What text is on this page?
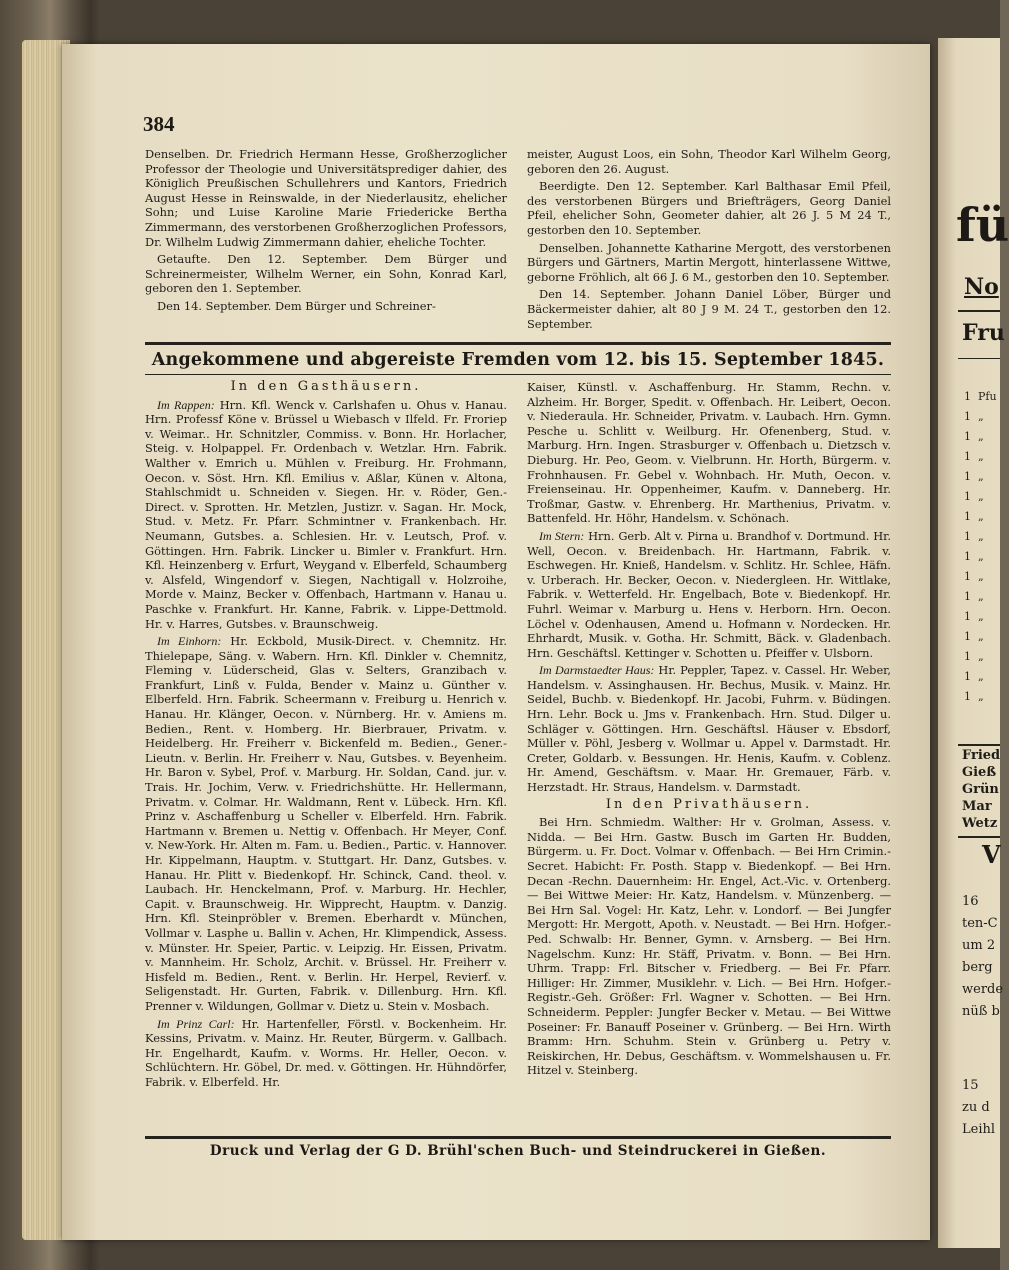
384

Denselben. Dr. Friedrich Hermann Hesse, Großherzoglicher Professor der Theologie und Universitätsprediger dahier, des Königlich Preußischen Schullehrers und Kantors, Friedrich August Hesse in Reinswalde, in der Niederlausitz, ehelicher Sohn; und Luise Karoline Marie Friedericke Bertha Zimmermann, des verstorbenen Großherzoglichen Professors, Dr. Wilhelm Ludwig Zimmermann dahier, eheliche Tochter.

Getaufte. Den 12. September. Dem Bürger und Schreinermeister, Wilhelm Werner, ein Sohn, Konrad Karl, geboren den 1. September.

Den 14. September. Dem Bürger und Schreiner-

meister, August Loos, ein Sohn, Theodor Karl Wilhelm Georg, geboren den 26. August.

Beerdigte. Den 12. September. Karl Balthasar Emil Pfeil, des verstorbenen Bürgers und Briefträgers, Georg Daniel Pfeil, ehelicher Sohn, Geometer dahier, alt 26 J. 5 M 24 T., gestorben den 10. September.

Denselben. Johannette Katharine Mergott, des verstorbenen Bürgers und Gärtners, Martin Mergott, hinterlassene Wittwe, geborne Fröhlich, alt 66 J. 6 M., gestorben den 10. September.

Den 14. September. Johann Daniel Löber, Bürger und Bäckermeister dahier, alt 80 J 9 M. 24 T., gestorben den 12. September.

Angekommene und abgereiste Fremden vom 12. bis 15. September 1845.

In den Gasthäusern.

Im Rappen: Hrn. Kfl. Wenck v. Carlshafen u. Ohus v. Hanau. Hrn. Professf Köne v. Brüssel u Wiebasch v Ilfeld. Fr. Froriep v. Weimar.. Hr. Schnitzler, Commiss. v. Bonn. Hr. Horlacher, Steig. v. Holpappel. Fr. Ordenbach v. Wetzlar. Hrn. Fabrik. Walther v. Emrich u. Mühlen v. Freiburg. Hr. Frohmann, Oecon. v. Söst. Hrn. Kfl. Emilius v. Aßlar, Künen v. Altona, Stahlschmidt u. Schneiden v. Siegen. Hr. v. Röder, Gen.-Direct. v. Sprotten. Hr. Metzlen, Justizr. v. Sagan. Hr. Mock, Stud. v. Metz. Fr. Pfarr. Schmintner v. Frankenbach. Hr. Neumann, Gutsbes. a. Schlesien. Hr. v. Leutsch, Prof. v. Göttingen. Hrn. Fabrik. Lincker u. Bimler v. Frankfurt. Hrn. Kfl. Heinzenberg v. Erfurt, Weygand v. Elberfeld, Schaumberg v. Alsfeld, Wingendorf v. Siegen, Nachtigall v. Holzroihe, Morde v. Mainz, Becker v. Offenbach, Hartmann v. Hanau u. Paschke v. Frankfurt. Hr. Kanne, Fabrik. v. Lippe-Dettmold. Hr. v. Harres, Gutsbes. v. Braunschweig.

Im Einhorn: Hr. Eckbold, Musik-Direct. v. Chemnitz. Hr. Thielepape, Säng. v. Wabern. Hrn. Kfl. Dinkler v. Chemnitz, Fleming v. Lüderscheid, Glas v. Selters, Granzibach v. Frankfurt, Linß v. Fulda, Bender v. Mainz u. Günther v. Elberfeld. Hrn. Fabrik. Scheermann v. Freiburg u. Henrich v. Hanau. Hr. Klänger, Oecon. v. Nürnberg. Hr. v. Amiens m. Bedien., Rent. v. Homberg. Hr. Bierbrauer, Privatm. v. Heidelberg. Hr. Freiherr v. Bickenfeld m. Bedien., Gener.-Lieutn. v. Berlin. Hr. Freiherr v. Nau, Gutsbes. v. Beyenheim. Hr. Baron v. Sybel, Prof. v. Marburg. Hr. Soldan, Cand. jur. v. Trais. Hr. Jochim, Verw. v. Friedrichshütte. Hr. Hellermann, Privatm. v. Colmar. Hr. Waldmann, Rent v. Lübeck. Hrn. Kfl. Prinz v. Aschaffenburg u Scheller v. Elberfeld. Hrn. Fabrik. Hartmann v. Bremen u. Nettig v. Offenbach. Hr Meyer, Conf. v. New-York. Hr. Alten m. Fam. u. Bedien., Partic. v. Hannover. Hr. Kippelmann, Hauptm. v. Stuttgart. Hr. Danz, Gutsbes. v. Hanau. Hr. Plitt v. Biedenkopf. Hr. Schinck, Cand. theol. v. Laubach. Hr. Henckelmann, Prof. v. Marburg. Hr. Hechler, Capit. v. Braunschweig. Hr. Wipprecht, Hauptm. v. Danzig. Hrn. Kfl. Steinpröbler v. Bremen. Eberhardt v. München, Vollmar v. Lasphe u. Ballin v. Achen, Hr. Klimpendick, Assess. v. Münster. Hr. Speier, Partic. v. Leipzig. Hr. Eissen, Privatm. v. Mannheim. Hr. Scholz, Archit. v. Brüssel. Hr. Freiherr v. Hisfeld m. Bedien., Rent. v. Berlin. Hr. Herpel, Revierf. v. Seligenstadt. Hr. Gurten, Fabrik. v. Dillenburg. Hrn. Kfl. Prenner v. Wildungen, Gollmar v. Dietz u. Stein v. Mosbach.

Im Prinz Carl: Hr. Hartenfeller, Förstl. v. Bockenheim. Hr. Kessins, Privatm. v. Mainz. Hr. Reuter, Bürgerm. v. Gallbach. Hr. Engelhardt, Kaufm. v. Worms. Hr. Heller, Oecon. v. Schlüchtern. Hr. Göbel, Dr. med. v. Göttingen. Hr. Hühndörfer, Fabrik. v. Elberfeld. Hr.

Kaiser, Künstl. v. Aschaffenburg. Hr. Stamm, Rechn. v. Alzheim. Hr. Borger, Spedit. v. Offenbach. Hr. Leibert, Oecon. v. Niederaula. Hr. Schneider, Privatm. v. Laubach. Hrn. Gymn. Pesche u. Schlitt v. Weilburg. Hr. Ofenenberg, Stud. v. Marburg. Hrn. Ingen. Strasburger v. Offenbach u. Dietzsch v. Dieburg. Hr. Peo, Geom. v. Vielbrunn. Hr. Horth, Bürgerm. v. Frohnhausen. Fr. Gebel v. Wohnbach. Hr. Muth, Oecon. v. Freienseinau. Hr. Oppenheimer, Kaufm. v. Danneberg. Hr. Troßmar, Gastw. v. Ehrenberg. Hr. Marthenius, Privatm. v. Battenfeld. Hr. Höhr, Handelsm. v. Schönach.

Im Stern: Hrn. Gerb. Alt v. Pirna u. Brandhof v. Dortmund. Hr. Well, Oecon. v. Breidenbach. Hr. Hartmann, Fabrik. v. Eschwegen. Hr. Knieß, Handelsm. v. Schlitz. Hr. Schlee, Häfn. v. Urberach. Hr. Becker, Oecon. v. Niedergleen. Hr. Wittlake, Fabrik. v. Wetterfeld. Hr. Engelbach, Bote v. Biedenkopf. Hr. Fuhrl. Weimar v. Marburg u. Hens v. Herborn. Hrn. Oecon. Löchel v. Odenhausen, Amend u. Hofmann v. Nordecken. Hr. Ehrhardt, Musik. v. Gotha. Hr. Schmitt, Bäck. v. Gladenbach. Hrn. Geschäftsl. Kettinger v. Schotten u. Pfeiffer v. Ulsborn.

Im Darmstaedter Haus: Hr. Peppler, Tapez. v. Cassel. Hr. Weber, Handelsm. v. Assinghausen. Hr. Bechus, Musik. v. Mainz. Hr. Seidel, Buchb. v. Biedenkopf. Hr. Jacobi, Fuhrm. v. Büdingen. Hrn. Lehr. Bock u. Jms v. Frankenbach. Hrn. Stud. Dilger u. Schläger v. Göttingen. Hrn. Geschäftsl. Häuser v. Ebsdorf, Müller v. Pöhl, Jesberg v. Wollmar u. Appel v. Darmstadt. Hr. Creter, Goldarb. v. Bessungen. Hr. Henis, Kaufm. v. Coblenz. Hr. Amend, Geschäftsm. v. Maar. Hr. Gremauer, Färb. v. Herzstadt. Hr. Straus, Handelsm. v. Darmstadt.

In den Privathäusern.

Bei Hrn. Schmiedm. Walther: Hr v. Grolman, Assess. v. Nidda. — Bei Hrn. Gastw. Busch im Garten Hr. Budden, Bürgerm. u. Fr. Doct. Volmar v. Offenbach. — Bei Hrn Crimin.-Secret. Habicht: Fr. Posth. Stapp v. Biedenkopf. — Bei Hrn. Decan -Rechn. Dauernheim: Hr. Engel, Act.-Vic. v. Ortenberg. — Bei Wittwe Meier: Hr. Katz, Handelsm. v. Münzenberg. — Bei Hrn Sal. Vogel: Hr. Katz, Lehr. v. Londorf. — Bei Jungfer Mergott: Hr. Mergott, Apoth. v. Neustadt. — Bei Hrn. Hofger.-Ped. Schwalb: Hr. Benner, Gymn. v. Arnsberg. — Bei Hrn. Nagelschm. Kunz: Hr. Stäff, Privatm. v. Bonn. — Bei Hrn. Uhrm. Trapp: Frl. Bitscher v. Friedberg. — Bei Fr. Pfarr. Hilliger: Hr. Zimmer, Musiklehr. v. Lich. — Bei Hrn. Hofger.-Registr.-Geh. Größer: Frl. Wagner v. Schotten. — Bei Hrn. Schneiderm. Peppler: Jungfer Becker v. Metau. — Bei Wittwe Poseiner: Fr. Banauff Poseiner v. Grünberg. — Bei Hrn. Wirth Bramm: Hrn. Schuhm. Stein v. Grünberg u. Petry v. Reiskirchen, Hr. Debus, Geschäftsm. v. Wommelshausen u. Fr. Hitzel v. Steinberg.

Druck und Verlag der G D. Brühl'schen Buch- und Steindruckerei in Gießen.
fü
No
Fru
1 Pfu
1 „
1 „
1 „
1 „
1 „
1 „
1 „
1 „
1 „
1 „
1 „
1 „
1 „
1 „
1 „
Fried
Gieß
Grün
Mar
Wetz
V
16
ten-C
um 2
berg
werde
nüß b
15
zu d
Leihl
